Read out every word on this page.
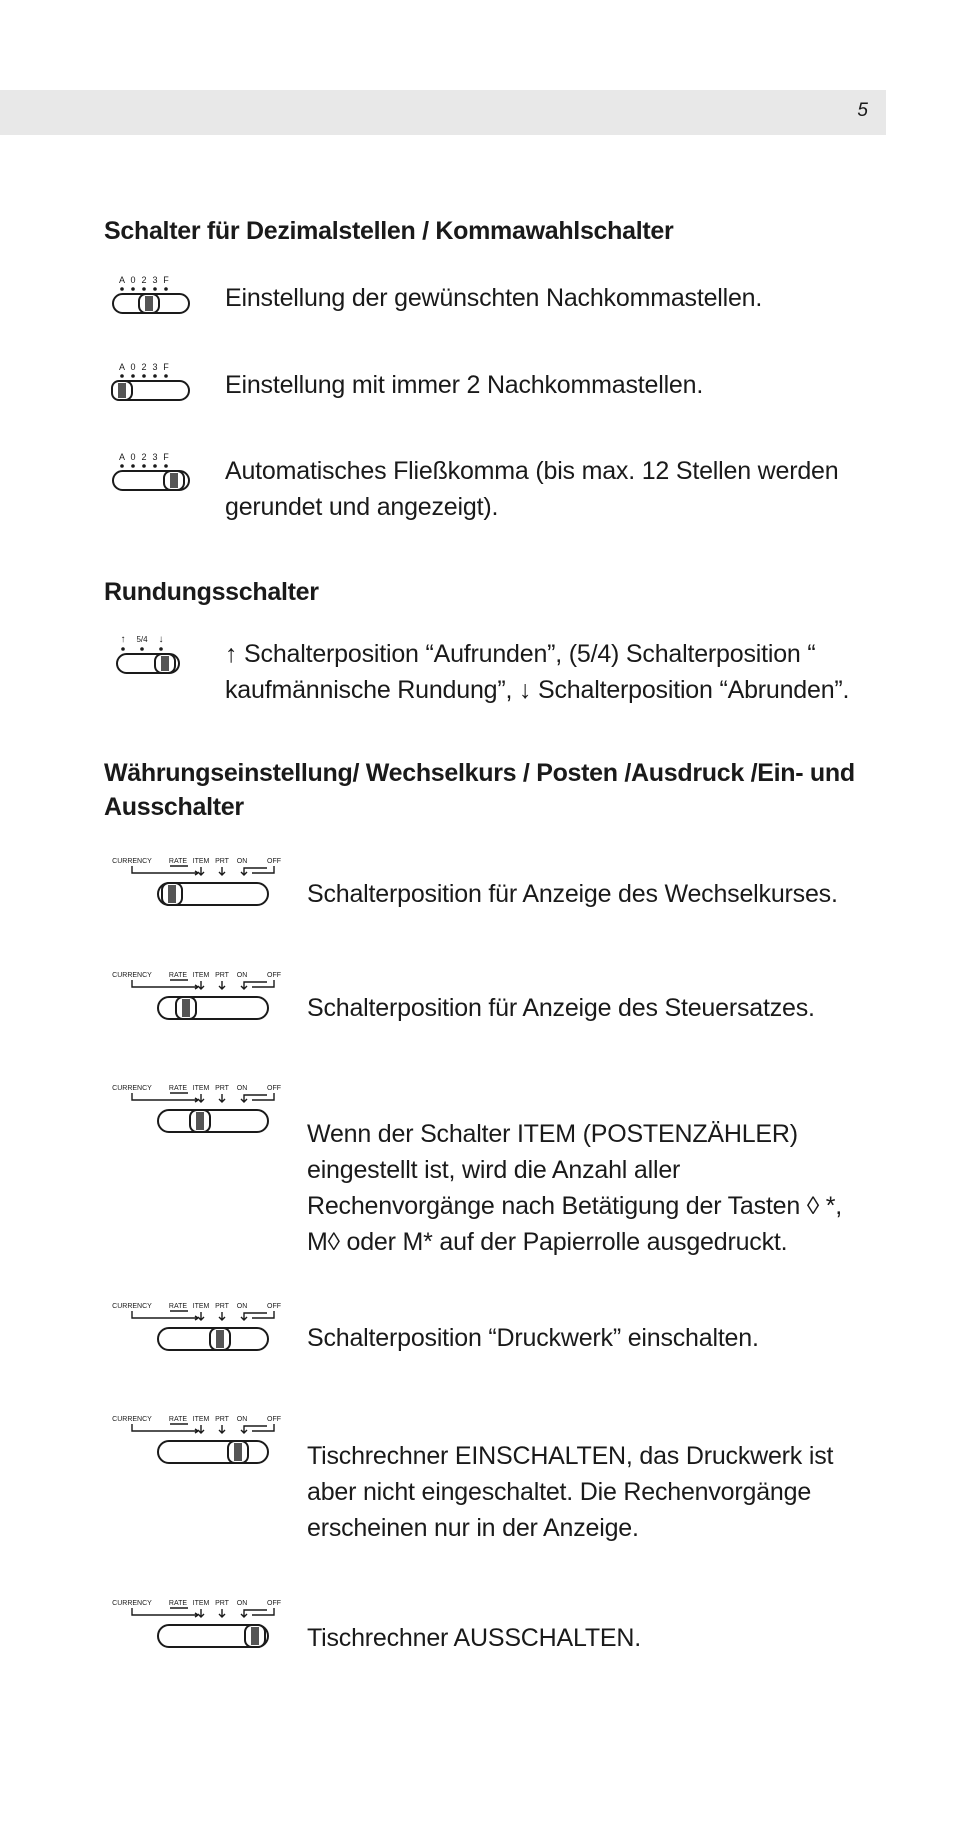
5
Schalter für Dezimalstellen / Kommawahlschalter
A 0 2 3 F

Einstellung der gewünschten Nachkommastellen.

A 0 2 3 F

Einstellung mit immer 2 Nachkommastellen.

A 0 2 3 F Automatisches Fließkomma (bis max. 12 Stellen werden gerundet und angezeigt).

Rundungsschalter
↑ 5/4 ↓

↑ Schalterposition “Aufrunden”, (5/4) Schalterposition “ kaufmännische Rundung”, ↓ Schalterposition “Abrunden”.

Währungseinstellung/ Wechselkurs / Posten /Ausdruck /Ein- und Ausschalter
CURRENCY RATE ITEM PRT ON	OFF

Schalterposition für Anzeige des Wechselkurses.

CURRENCY RATE ITEM PRT ON	OFF

Schalterposition für Anzeige des Steuersatzes.

CURRENCY RATE ITEM PRT ON	OFF

Wenn der Schalter ITEM (POSTENZÄHLER) eingestellt ist, wird die Anzahl aller Rechenvorgänge nach Betätigung der Tasten ◊ *, M◊ oder M* auf der Papierrolle ausgedruckt.

CURRENCY RATE ITEM PRT ON	OFF

Schalterposition “Druckwerk” einschalten.

CURRENCY RATE ITEM PRT ON	OFF

Tischrechner EINSCHALTEN, das Druckwerk ist aber nicht eingeschaltet. Die Rechenvorgänge erscheinen nur in der Anzeige.

CURRENCY RATE ITEM PRT ON	OFF

Tischrechner AUSSCHALTEN.
